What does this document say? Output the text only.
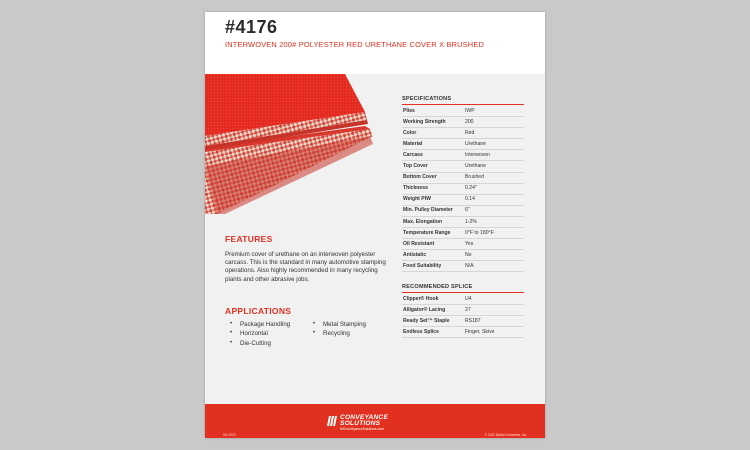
#4176
INTERWOVEN 200# POLYESTER RED URETHANE COVER X BRUSHED
FEATURES
Premium cover of urethane on an interwoven polyester carcass. This is the standard in many automotive stamping operations. Also highly recommended in many recycling plants and other abrasive jobs.
APPLICATIONS
• Package Handling
• Horizontal
• Die-Cutting
• Metal Stamping
• Recycling
SPECIFICATIONS
Plies	IWP
Working Strength	200
Color	Red
Material	Urethane
Carcass	Interwoven
Top Cover	Urethane
Bottom Cover	Brushed
Thickness	0.24"
Weight PIW	0.14
Min. Pulley Diameter 6"
Max. Elongation	1-2%
Temperature Range	0°F to 180°F
Oil Resistant	Yes
Antistatic	No
Food Suitability	N/A
RECOMMENDED SPLICE
Clipper® Hook	U4
Alligator® Lacing	27
Ready Set™ Staple	RS187
Endless Splice	Finger, Skive
CONVEYANCE
SOLUTIONS
MIConveyanceSolutions.com
Ver 2022	© 2022 Motion Industries, Inc.
